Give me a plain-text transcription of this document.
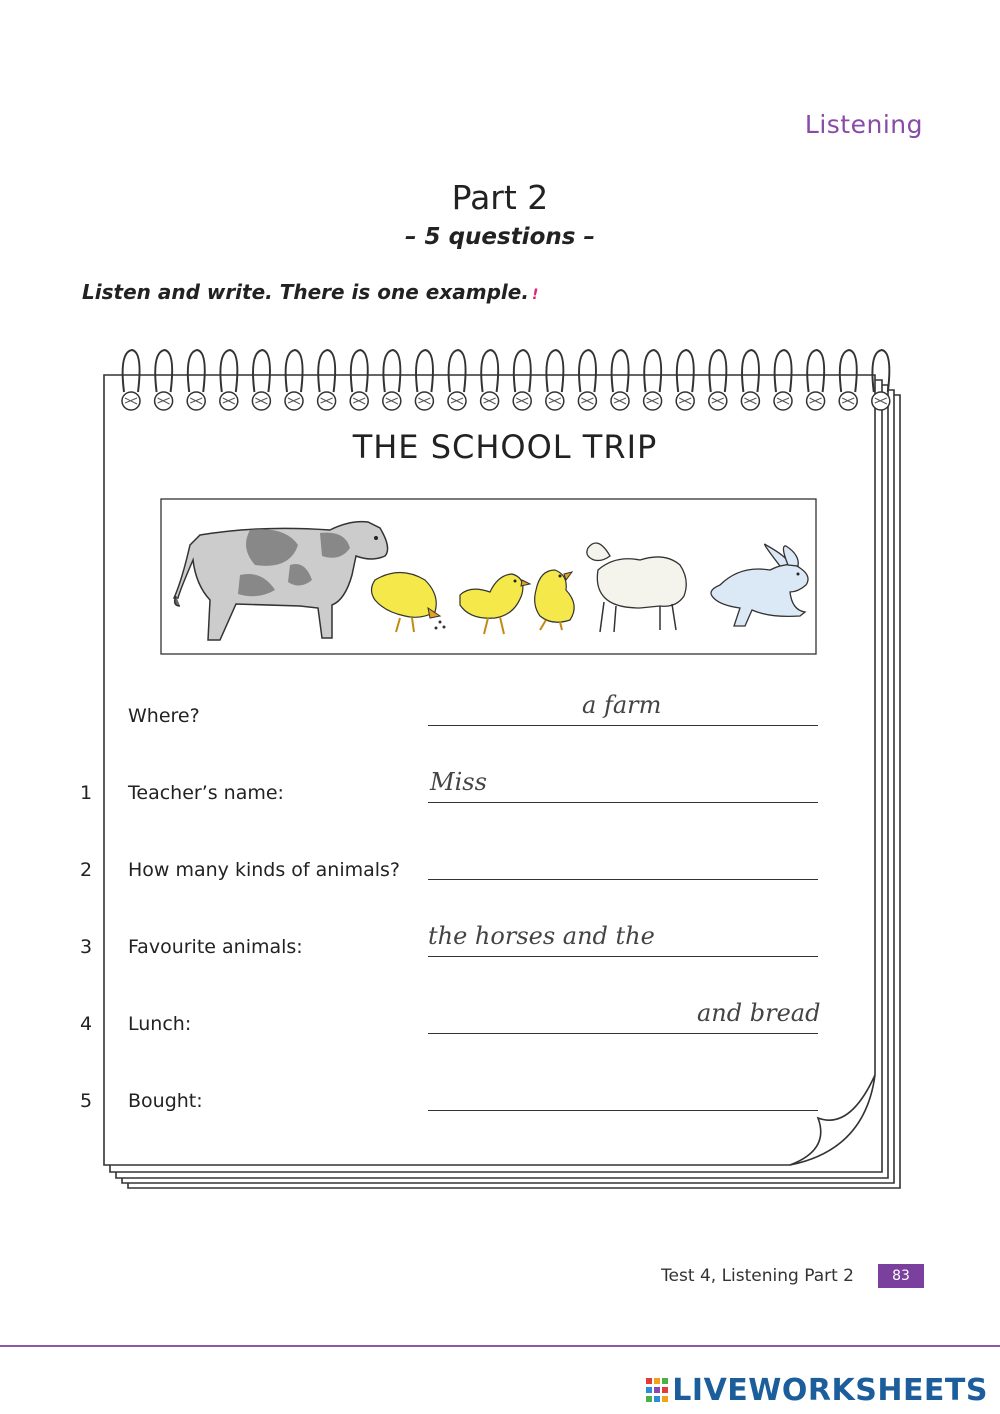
Listening
Part 2
– 5 questions –
Listen and write. There is one example. !
THE SCHOOL TRIP
Where?	a farm
1 Teacher’s name:	Miss
2 How many kinds of animals?
3 Favourite animals:	the horses and the
4 Lunch:	and bread
5 Bought:
Test 4, Listening Part 2	83
LIVEWORKSHEETS
